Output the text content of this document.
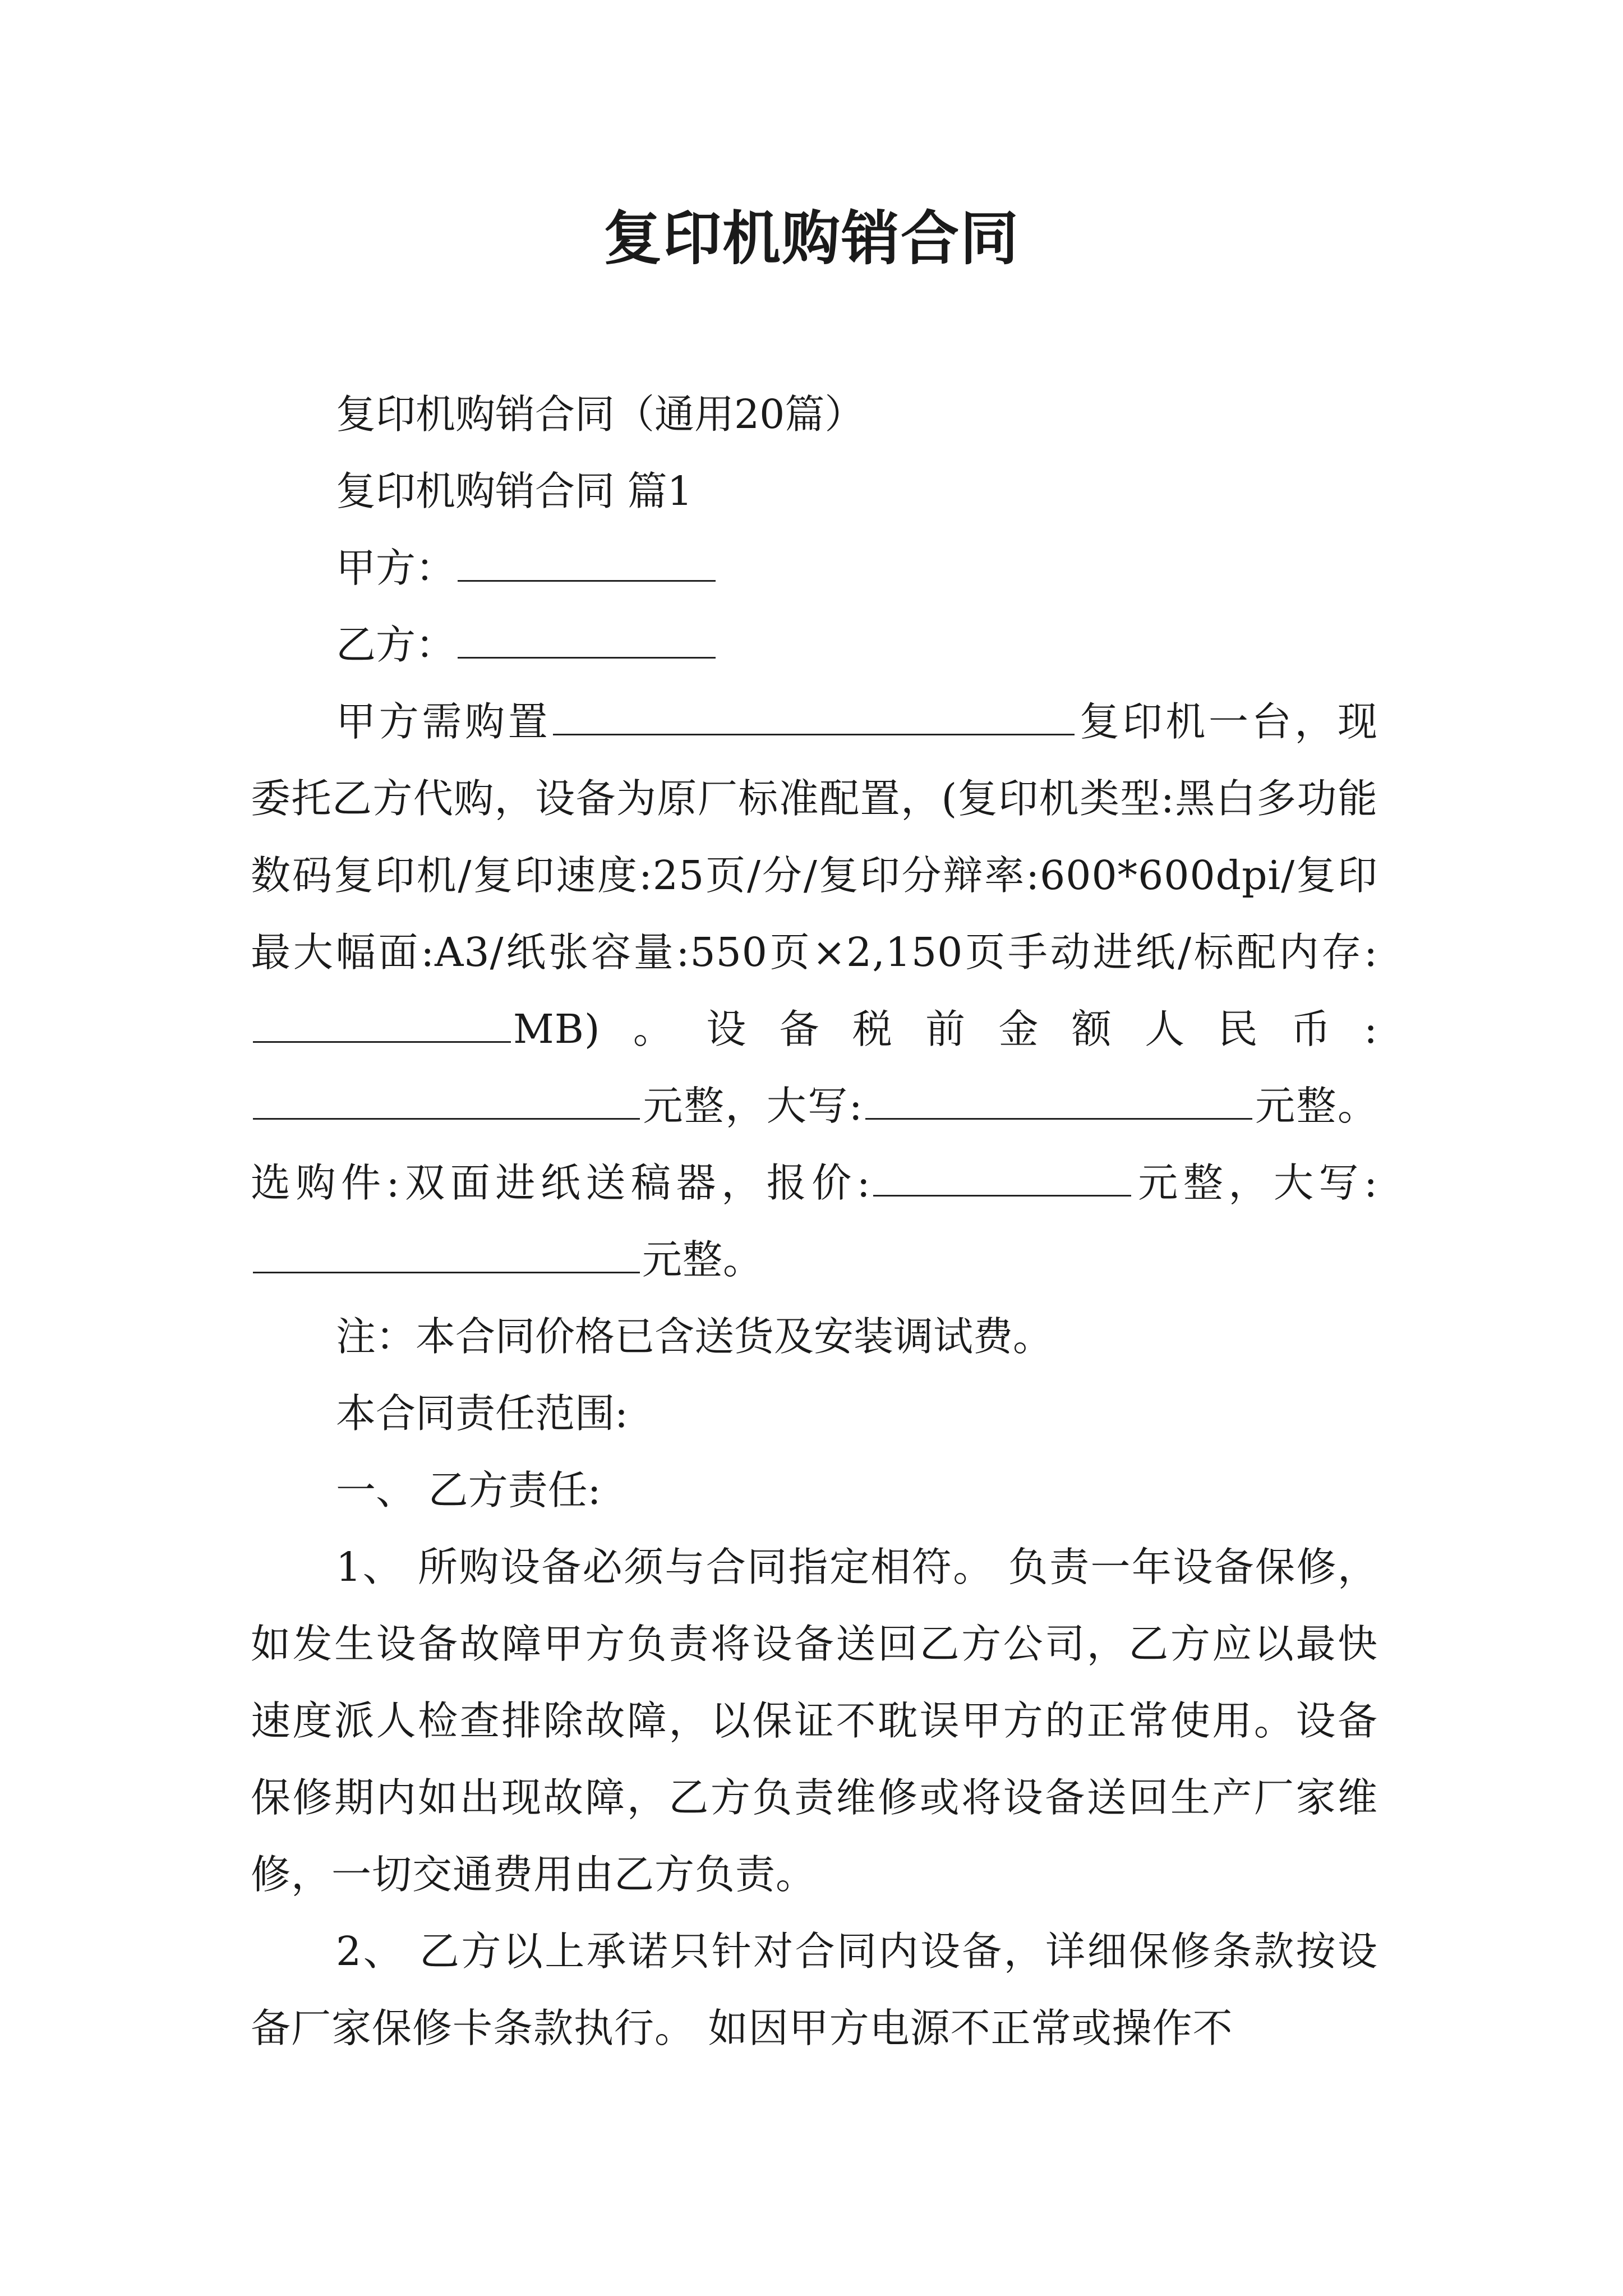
复印机购销合同

复印机购销合同（通用20篇）

复印机购销合同 篇1

甲方：

乙方：

甲方需购置	复印机一台，现委托乙方代购，设备为原厂标准配置，(复印机类型:黑白多功能数码复印机/复印速度:25页/分/复印分辩率:600*600dpi/复印最大幅面:A3/纸张容量:550页×2,150页手动进纸/标配内存:MB)。设备税前金额人民币:元整，大写:	元整。选购件:双面进纸送稿器，报价:	元整，大写:元整。

注：本合同价格已含送货及安装调试费。

本合同责任范围:

一、 乙方责任:

1、 所购设备必须与合同指定相符。 负责一年设备保修，如发生设备故障甲方负责将设备送回乙方公司，乙方应以最快速度派人检查排除故障，以保证不耽误甲方的正常使用。设备保修期内如出现故障，乙方负责维修或将设备送回生产厂家维修，一切交通费用由乙方负责。

2、 乙方以上承诺只针对合同内设备，详细保修条款按设备厂家保修卡条款执行。 如因甲方电源不正常或操作不
